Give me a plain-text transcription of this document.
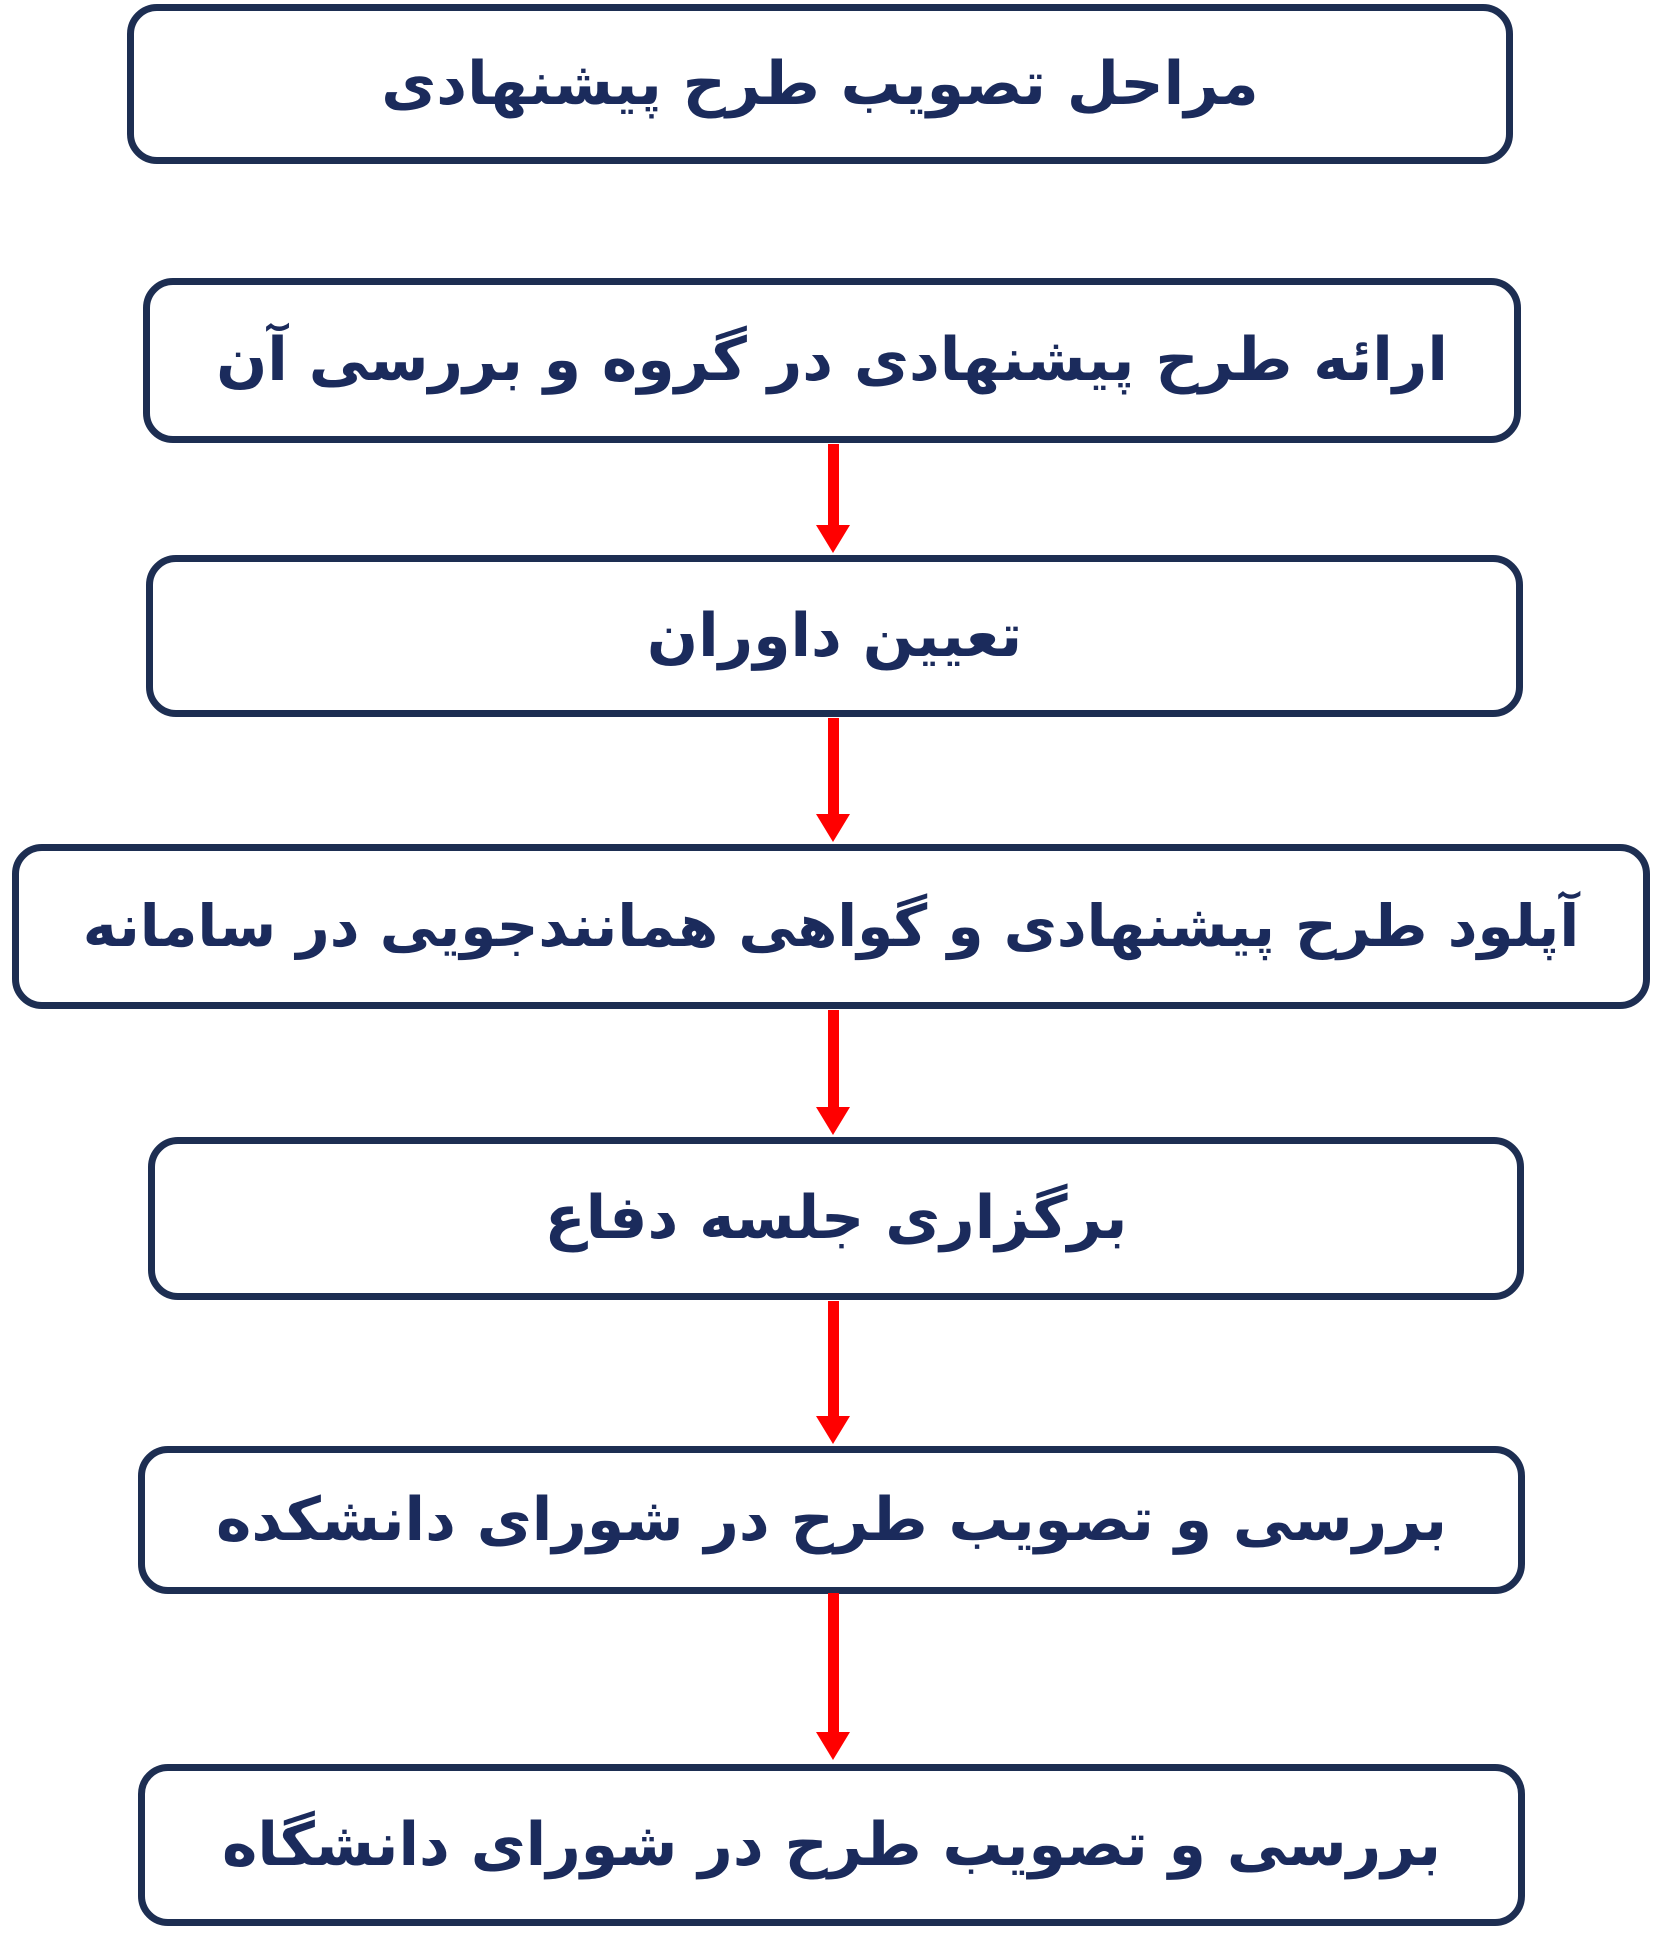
مراحل تصویب طرح پیشنهادی
ارائه طرح پیشنهادی در گروه و بررسی آن
تعیین داوران
آپلود طرح پیشنهادی و گواهی همانندجویی در سامانه
برگزاری جلسه دفاع
بررسی و تصویب طرح در شورای دانشکده
بررسی و تصویب طرح در شورای دانشگاه
